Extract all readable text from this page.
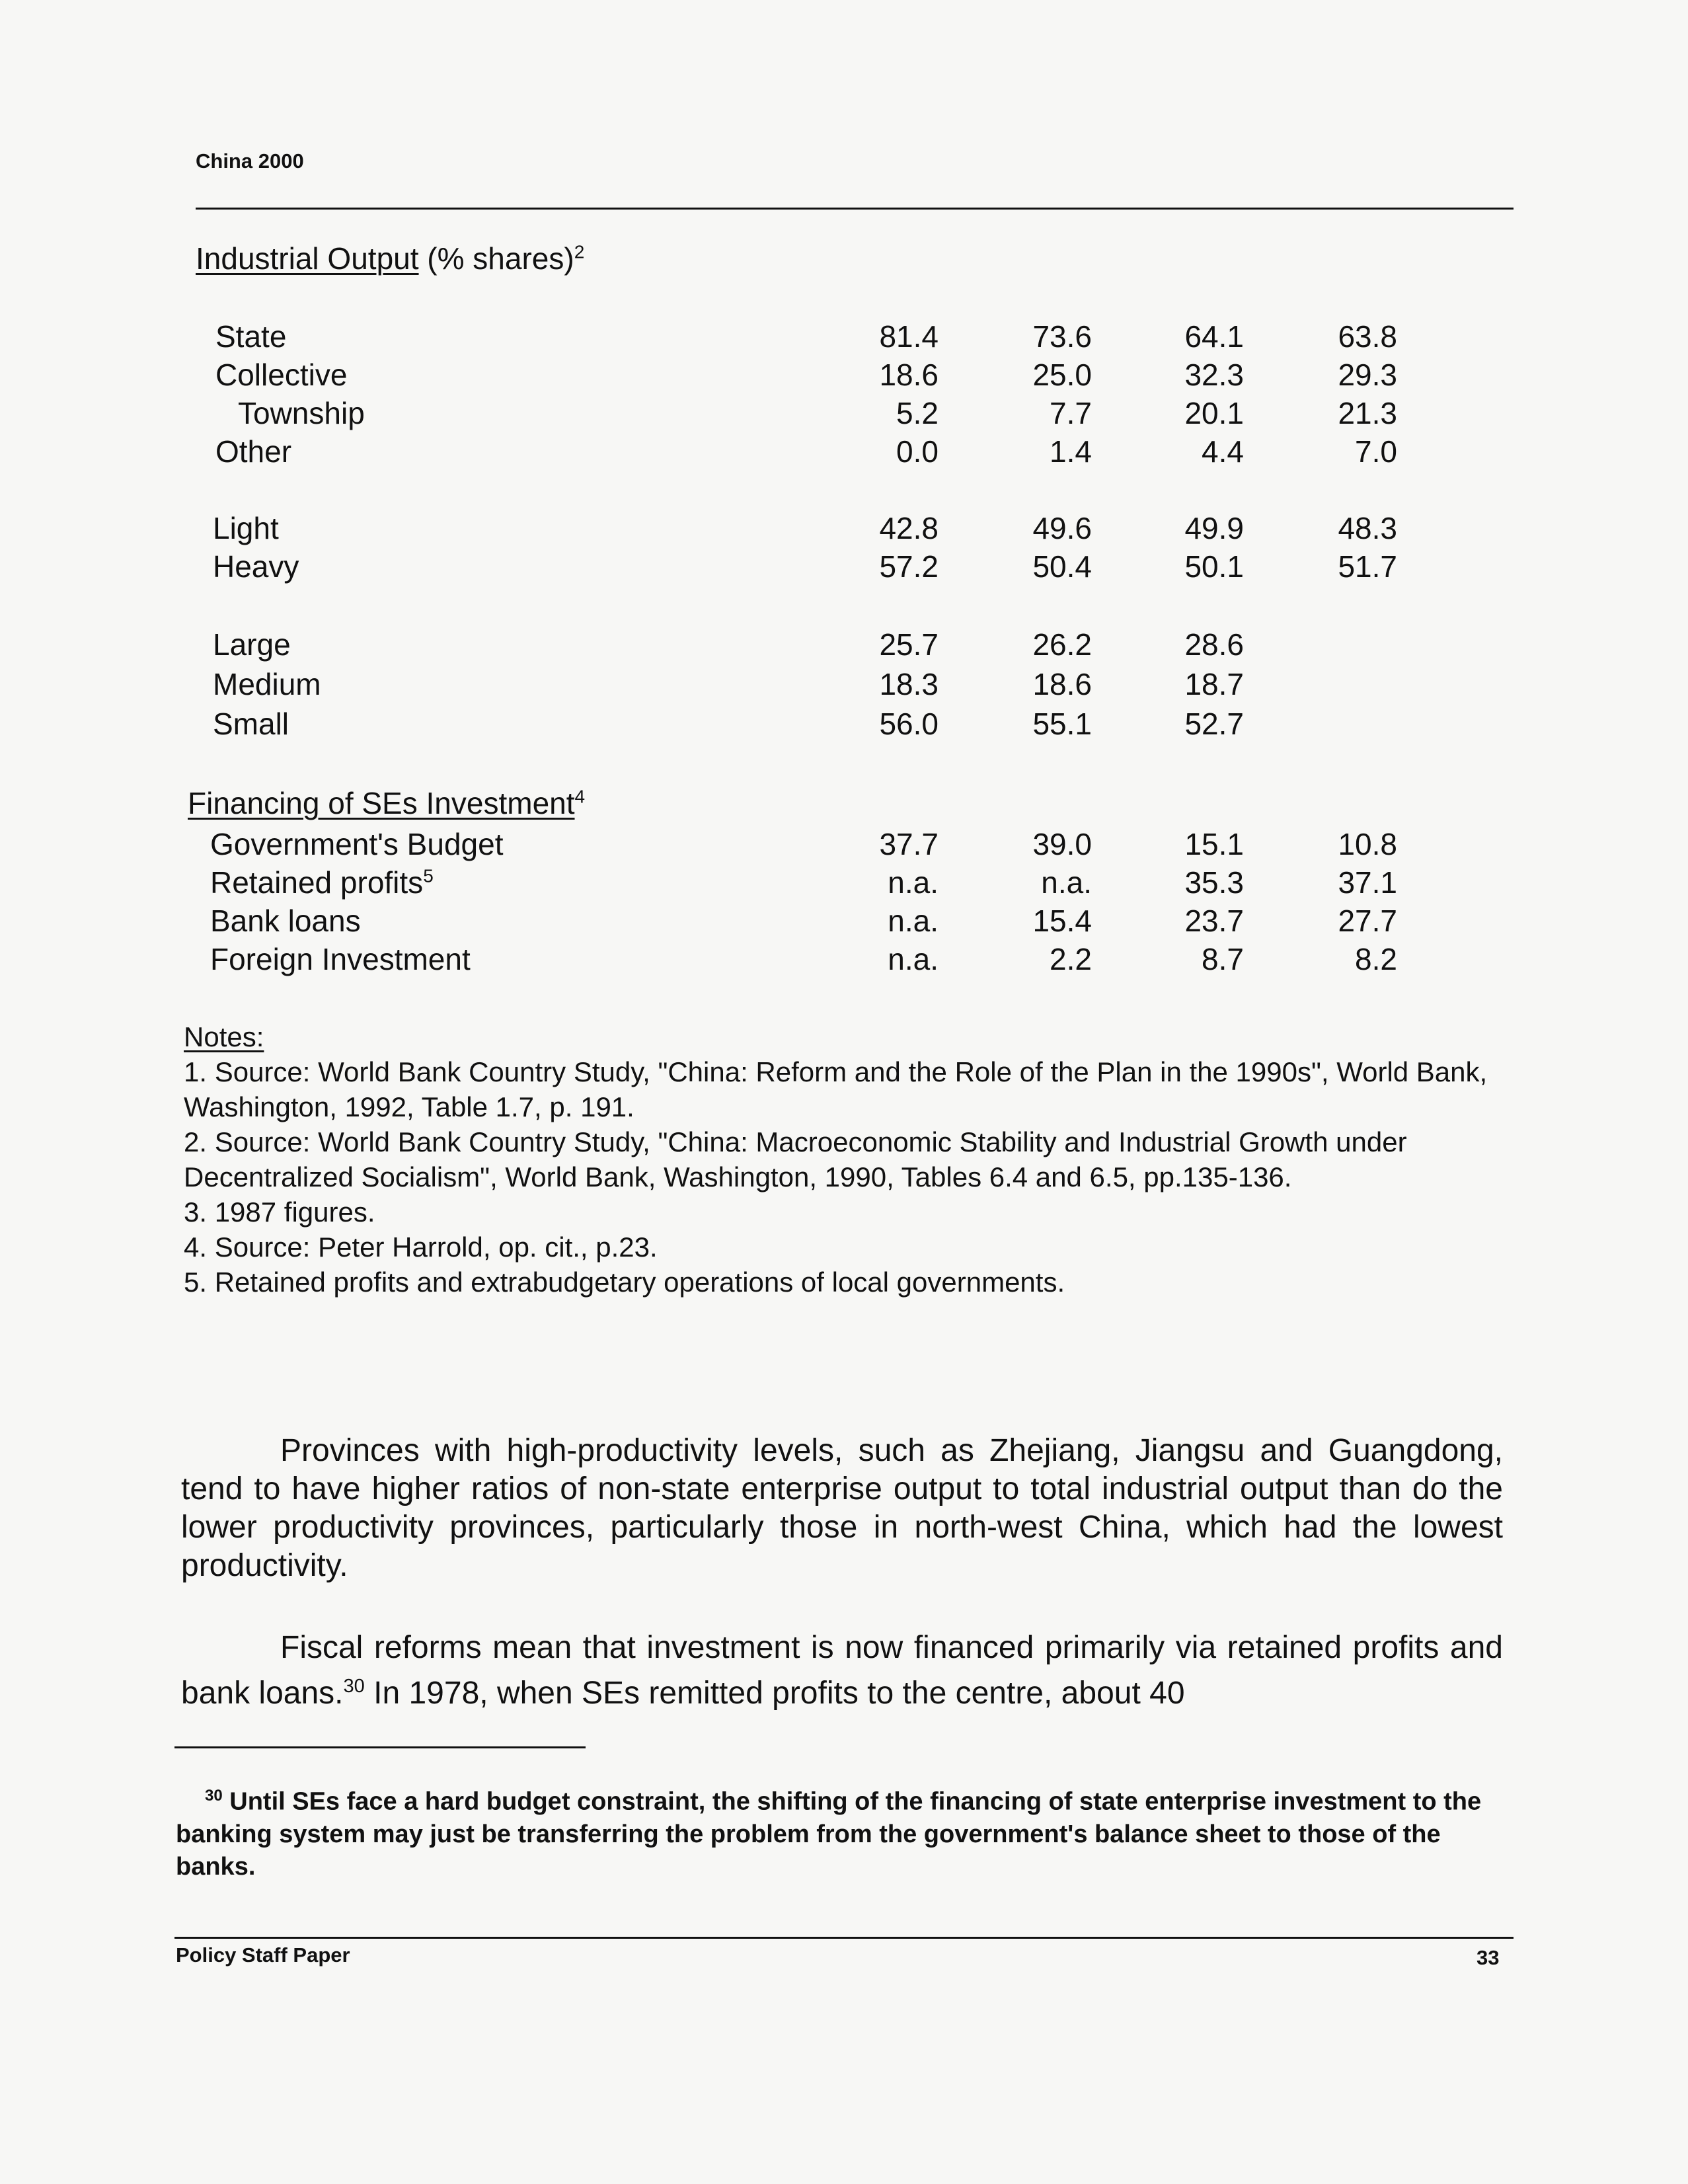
China 2000
Industrial Output (% shares)$^2$
State	81.4	73.6	64.1	63.8
Collective	18.6	25.0	32.3	29.3
Township	5.2	7.7	20.1	21.3
Other	0.0	1.4	4.4	7.0
Light	42.8	49.6	49.9	48.3
Heavy	57.2	50.4	50.1	51.7
Large	25.7	26.2	28.6
Medium	18.3	18.6	18.7
Small	56.0	55.1	52.7
Financing of SEs Investment$^4$
Government's Budget	37.7	39.0	15.1	10.8
Retained profits$^5$	n.a.	n.a.	35.3	37.1
Bank loans	n.a.	15.4	23.7	27.7
Foreign Investment	n.a.	2.2	8.7	8.2

Notes:

1. Source: World Bank Country Study, "China: Reform and the Role of the Plan in the 1990s", World Bank, Washington, 1992, Table 1.7, p. 191.

2. Source: World Bank Country Study, "China: Macroeconomic Stability and Industrial Growth under Decentralized Socialism", World Bank, Washington, 1990, Tables 6.4 and 6.5, pp.135-136.

3. 1987 figures.

4. Source: Peter Harrold, op. cit., p.23.

5. Retained profits and extrabudgetary operations of local governments.

Provinces with high-productivity levels, such as Zhejiang, Jiangsu and Guangdong, tend to have higher ratios of non-state enterprise output to total industrial output than do the lower productivity provinces, particularly those in north-west China, which had the lowest productivity.

Fiscal reforms mean that investment is now financed primarily via retained profits and bank loans.$^{30}$ In 1978, when SEs remitted profits to the centre, about 40

$^{30}$ Until SEs face a hard budget constraint, the shifting of the financing of state enterprise investment to the banking system may just be transferring the problem from the government's balance sheet to those of the banks.

Policy Staff Paper	33
